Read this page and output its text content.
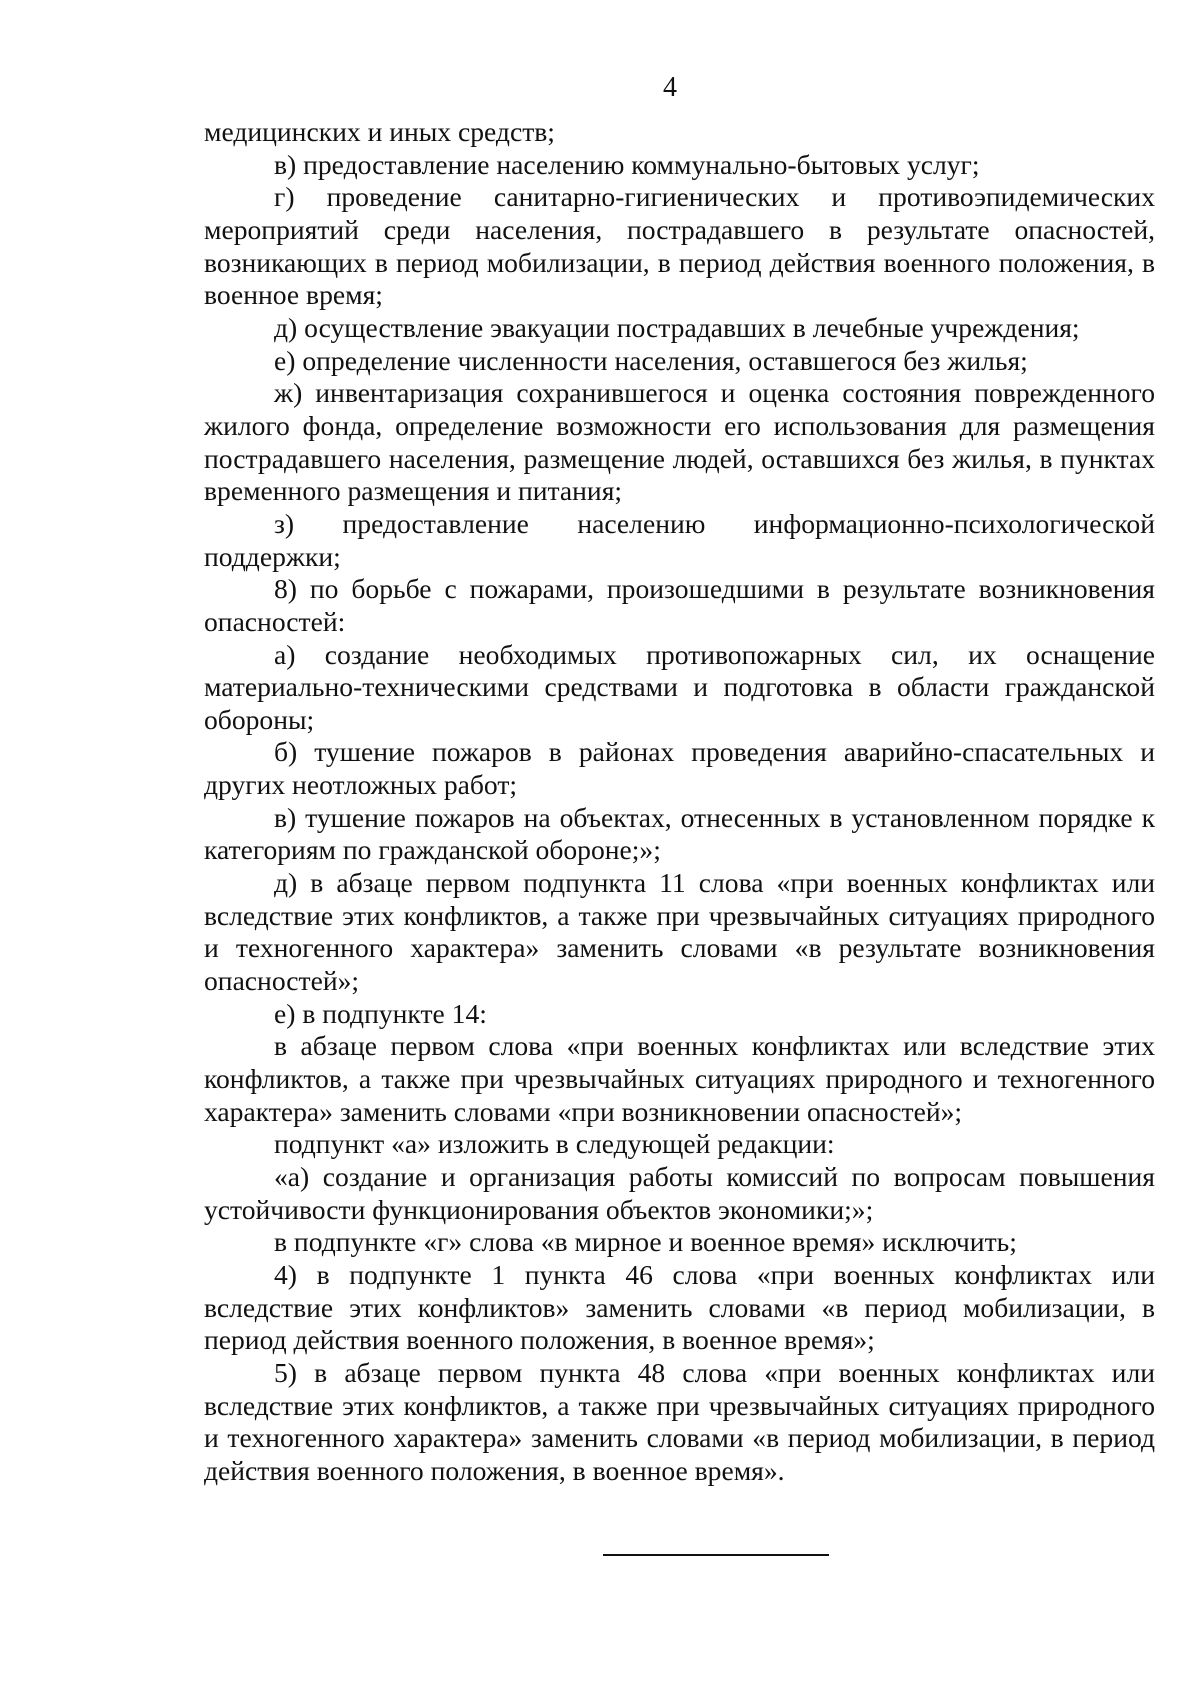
4

медицинских и иных средств;

в) предоставление населению коммунально-бытовых услуг;

г) проведение санитарно-гигиенических и противоэпидемических мероприятий среди населения, пострадавшего в результате опасностей, возникающих в период мобилизации, в период действия военного положения, в военное время;

д) осуществление эвакуации пострадавших в лечебные учреждения;

е) определение численности населения, оставшегося без жилья;

ж) инвентаризация сохранившегося и оценка состояния поврежденного жилого фонда, определение возможности его использования для размещения пострадавшего населения, размещение людей, оставшихся без жилья, в пунктах временного размещения и питания;

з) предоставление населению информационно-психологической поддержки;

8) по борьбе с пожарами, произошедшими в результате возникновения опасностей:

а) создание необходимых противопожарных сил, их оснащение материально-техническими средствами и подготовка в области гражданской обороны;

б) тушение пожаров в районах проведения аварийно-спасательных и других неотложных работ;

в) тушение пожаров на объектах, отнесенных в установленном порядке к категориям по гражданской обороне;»;

д) в абзаце первом подпункта 11 слова «при военных конфликтах или вследствие этих конфликтов, а также при чрезвычайных ситуациях природного и техногенного характера» заменить словами «в результате возникновения опасностей»;

е) в подпункте 14:

в абзаце первом слова «при военных конфликтах или вследствие этих конфликтов, а также при чрезвычайных ситуациях природного и техногенного характера» заменить словами «при возникновении опасностей»;

подпункт «а» изложить в следующей редакции:

«а) создание и организация работы комиссий по вопросам повышения устойчивости функционирования объектов экономики;»;

в подпункте «г» слова «в мирное и военное время» исключить;

4) в подпункте 1 пункта 46 слова «при военных конфликтах или вследствие этих конфликтов» заменить словами «в период мобилизации, в период действия военного положения, в военное время»;

5) в абзаце первом пункта 48 слова «при военных конфликтах или вследствие этих конфликтов, а также при чрезвычайных ситуациях природного и техногенного характера» заменить словами «в период мобилизации, в период действия военного положения, в военное время».
